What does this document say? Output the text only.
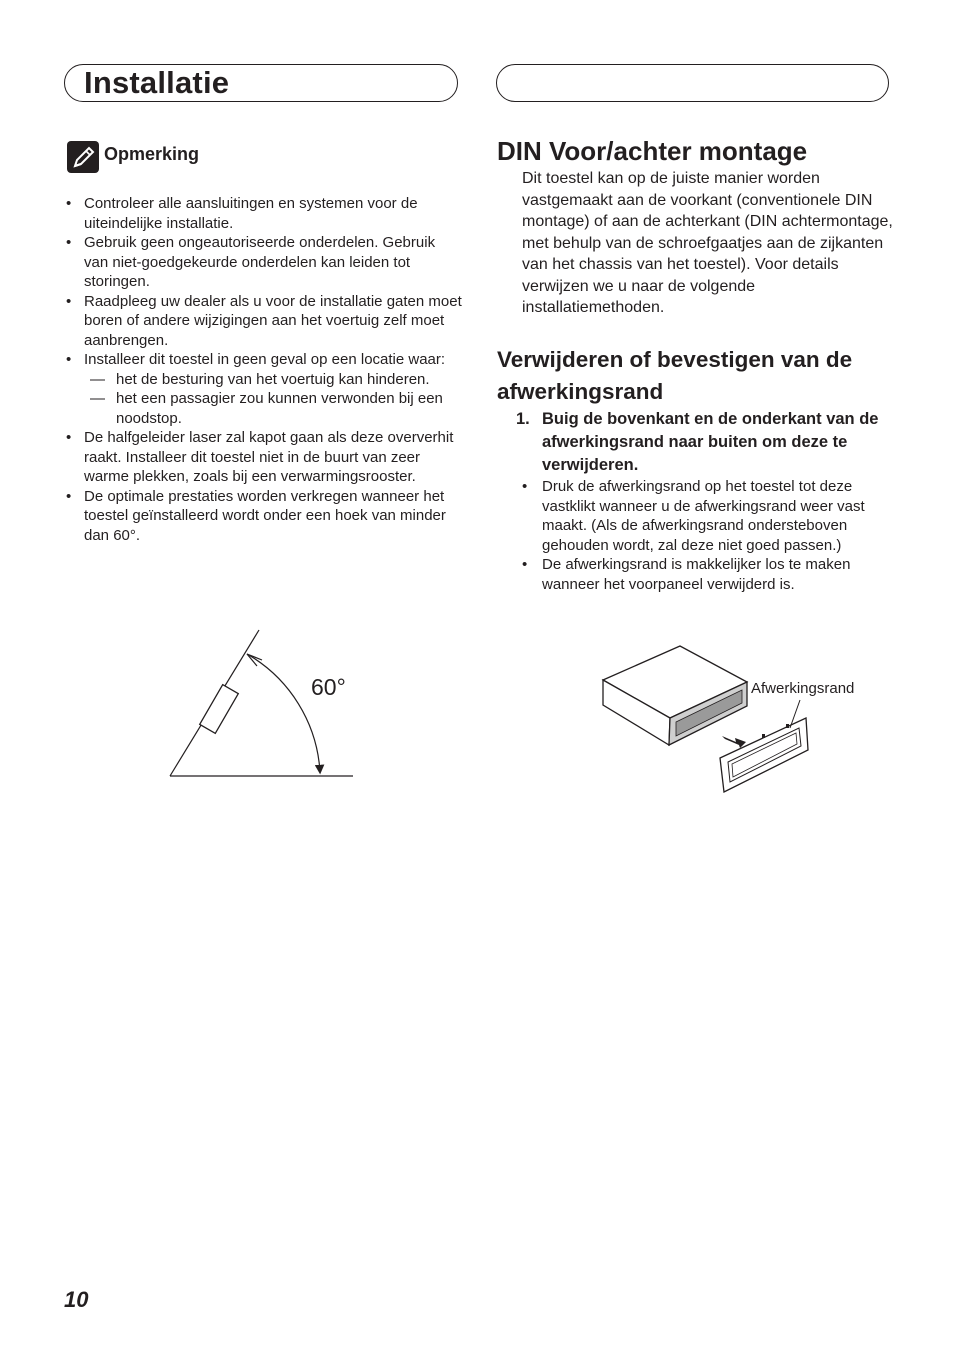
Installatie
Opmerking
• Controleer alle aansluitingen en systemen voor de uiteindelijke installatie.
• Gebruik geen ongeautoriseerde onderdelen. Gebruik van niet-goedgekeurde onderdelen kan leiden tot storingen.
• Raadpleeg uw dealer als u voor de installatie gaten moet boren of andere wijzigingen aan het voertuig zelf moet aanbrengen.
• Installeer dit toestel in geen geval op een locatie waar:
— het de besturing van het voertuig kan hinderen.
— het een passagier zou kunnen verwonden bij een noodstop.
• De halfgeleider laser zal kapot gaan als deze oververhit raakt. Installeer dit toestel niet in de buurt van zeer warme plekken, zoals bij een verwarmingsrooster.
• De optimale prestaties worden verkregen wanneer het toestel geïnstalleerd wordt onder een hoek van minder dan 60°.
60°
DIN Voor/achter montage

Dit toestel kan op de juiste manier worden vastgemaakt aan de voorkant (conventionele DIN montage) of aan de achterkant (DIN achtermontage, met behulp van de schroefgaatjes aan de zijkanten van het chassis van het toestel). Voor details verwijzen we u naar de volgende installatiemethoden.

Verwijderen of bevestigen van de afwerkingsrand
1. Buig de bovenkant en de onderkant van de afwerkingsrand naar buiten om deze te verwijderen.
• Druk de afwerkingsrand op het toestel tot deze vastklikt wanneer u de afwerkingsrand weer vast maakt. (Als de afwerkingsrand ondersteboven gehouden wordt, zal deze niet goed passen.)
• De afwerkingsrand is makkelijker los te maken wanneer het voorpaneel verwijderd is.
Afwerkingsrand
10
